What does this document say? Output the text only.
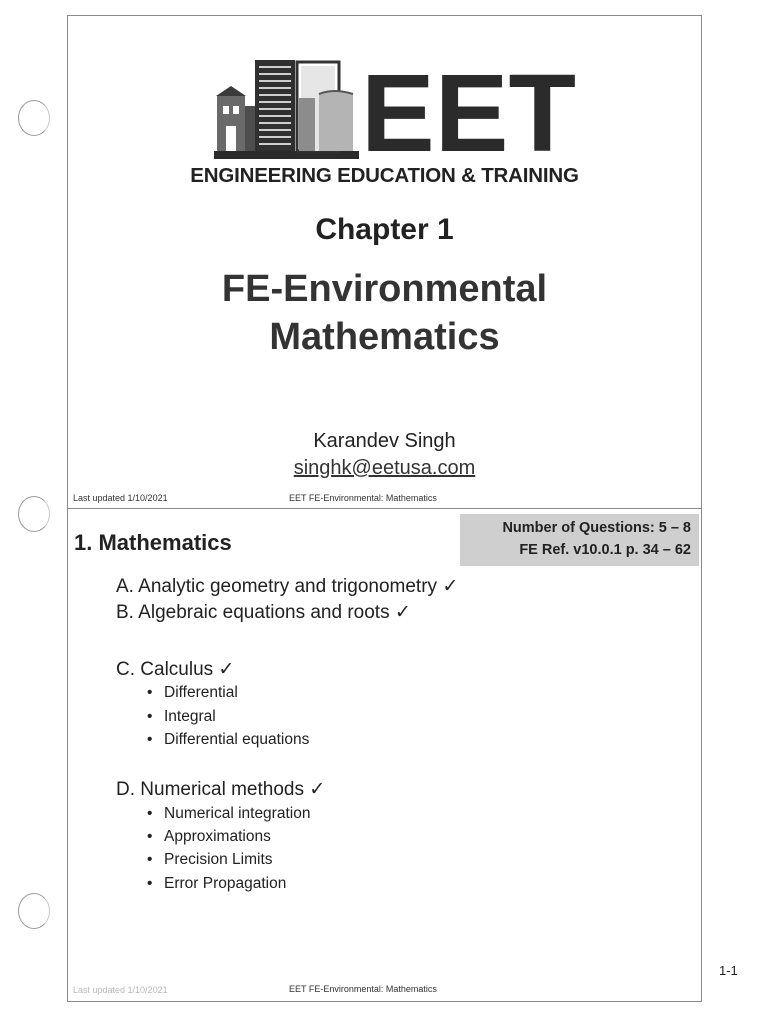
EET
ENGINEERING EDUCATION & TRAINING
Chapter 1
FE-Environmental
Mathematics
Karandev Singh
singhk@eetusa.com
Last updated 1/10/2021	EET FE-Environmental: Mathematics
1. Mathematics
Number of Questions: 5 – 8
FE Ref. v10.0.1 p. 34 – 62
A. Analytic geometry and trigonometry ✓
B. Algebraic equations and roots ✓
C. Calculus ✓
• Differential
• Integral
• Differential equations
D. Numerical methods ✓
• Numerical integration
• Approximations
• Precision Limits
• Error Propagation
Last updated 1/10/2021	EET FE-Environmental: Mathematics
1-1
